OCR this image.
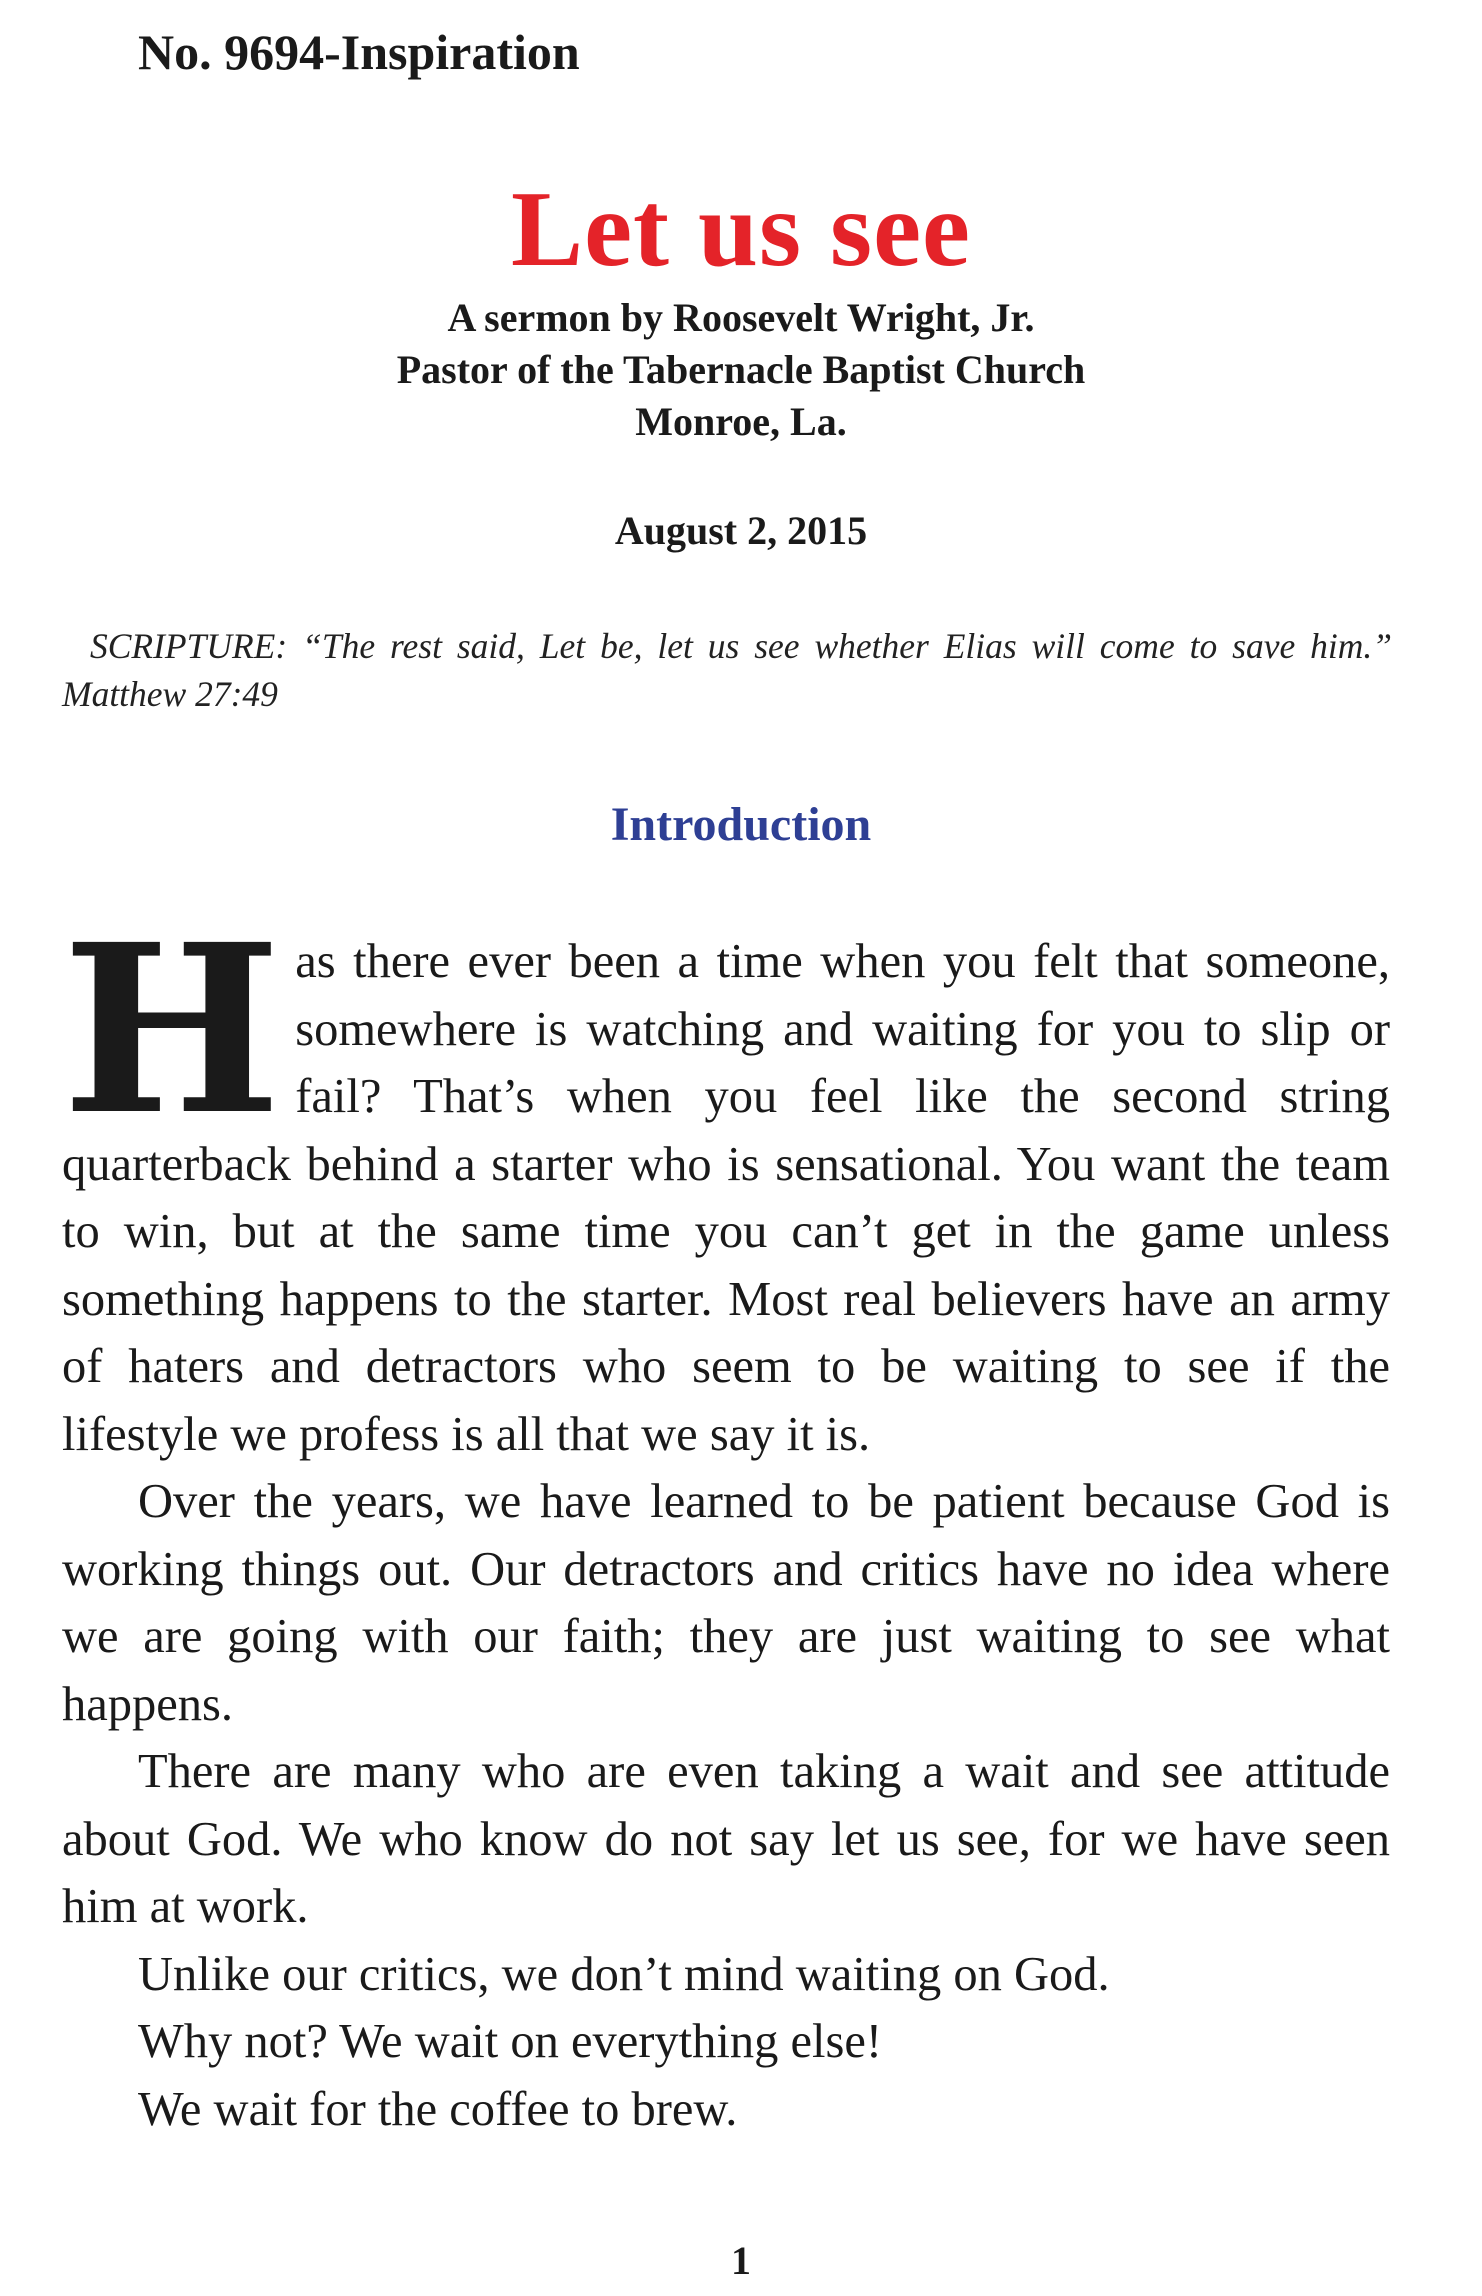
No. 9694-Inspiration
Let us see
A sermon by Roosevelt Wright, Jr.
Pastor of the Tabernacle Baptist Church
Monroe, La.
August 2, 2015
SCRIPTURE: “The rest said, Let be, let us see whether Elias will come to save him.” Matthew 27:49
Introduction

H as there ever been a time when you felt that someone, somewhere is watching and waiting for you to slip or fail? That’s when you feel like the second string quarterback behind a starter who is sensational. You want the team to win, but at the same time you can’t get in the game unless something happens to the starter. Most real believers have an army of haters and detractors who seem to be waiting to see if the lifestyle we profess is all that we say it is.

Over the years, we have learned to be patient because God is working things out. Our detractors and critics have no idea where we are going with our faith; they are just waiting to see what happens.

There are many who are even taking a wait and see attitude about God. We who know do not say let us see, for we have seen him at work.

Unlike our critics, we don’t mind waiting on God.

Why not? We wait on everything else!

We wait for the coffee to brew.

1
